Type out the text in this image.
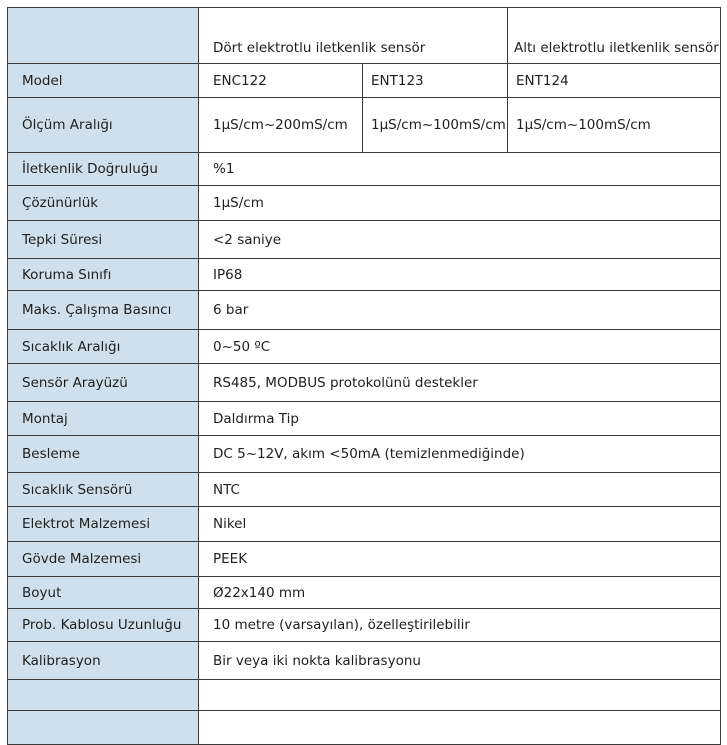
	Dört elektrotlu iletkenlik sensör		Altı elektrotlu iletkenlik sensör
Model	ENC122	ENT123	ENT124
Ölçüm Aralığı	1μS/cm~200mS/cm	1μS/cm~100mS/cm	1μS/cm~100mS/cm
İletkenlik Doğruluğu	%1		
Çözünürlük	1μS/cm		
Tepki Süresi	<2 saniye		
Koruma Sınıfı	IP68		
Maks. Çalışma Basıncı	6 bar		
Sıcaklık Aralığı	0~50 ºC		
Sensör Arayüzü	RS485, MODBUS protokolünü destekler		
Montaj	Daldırma Tip		
Besleme	DC 5~12V, akım <50mA (temizlenmediğinde)		
Sıcaklık Sensörü	NTC		
Elektrot Malzemesi	Nikel		
Gövde Malzemesi	PEEK		
Boyut	Ø22x140 mm		
Prob. Kablosu Uzunluğu	10 metre (varsayılan), özelleştirilebilir		
Kalibrasyon	Bir veya iki nokta kalibrasyonu		
